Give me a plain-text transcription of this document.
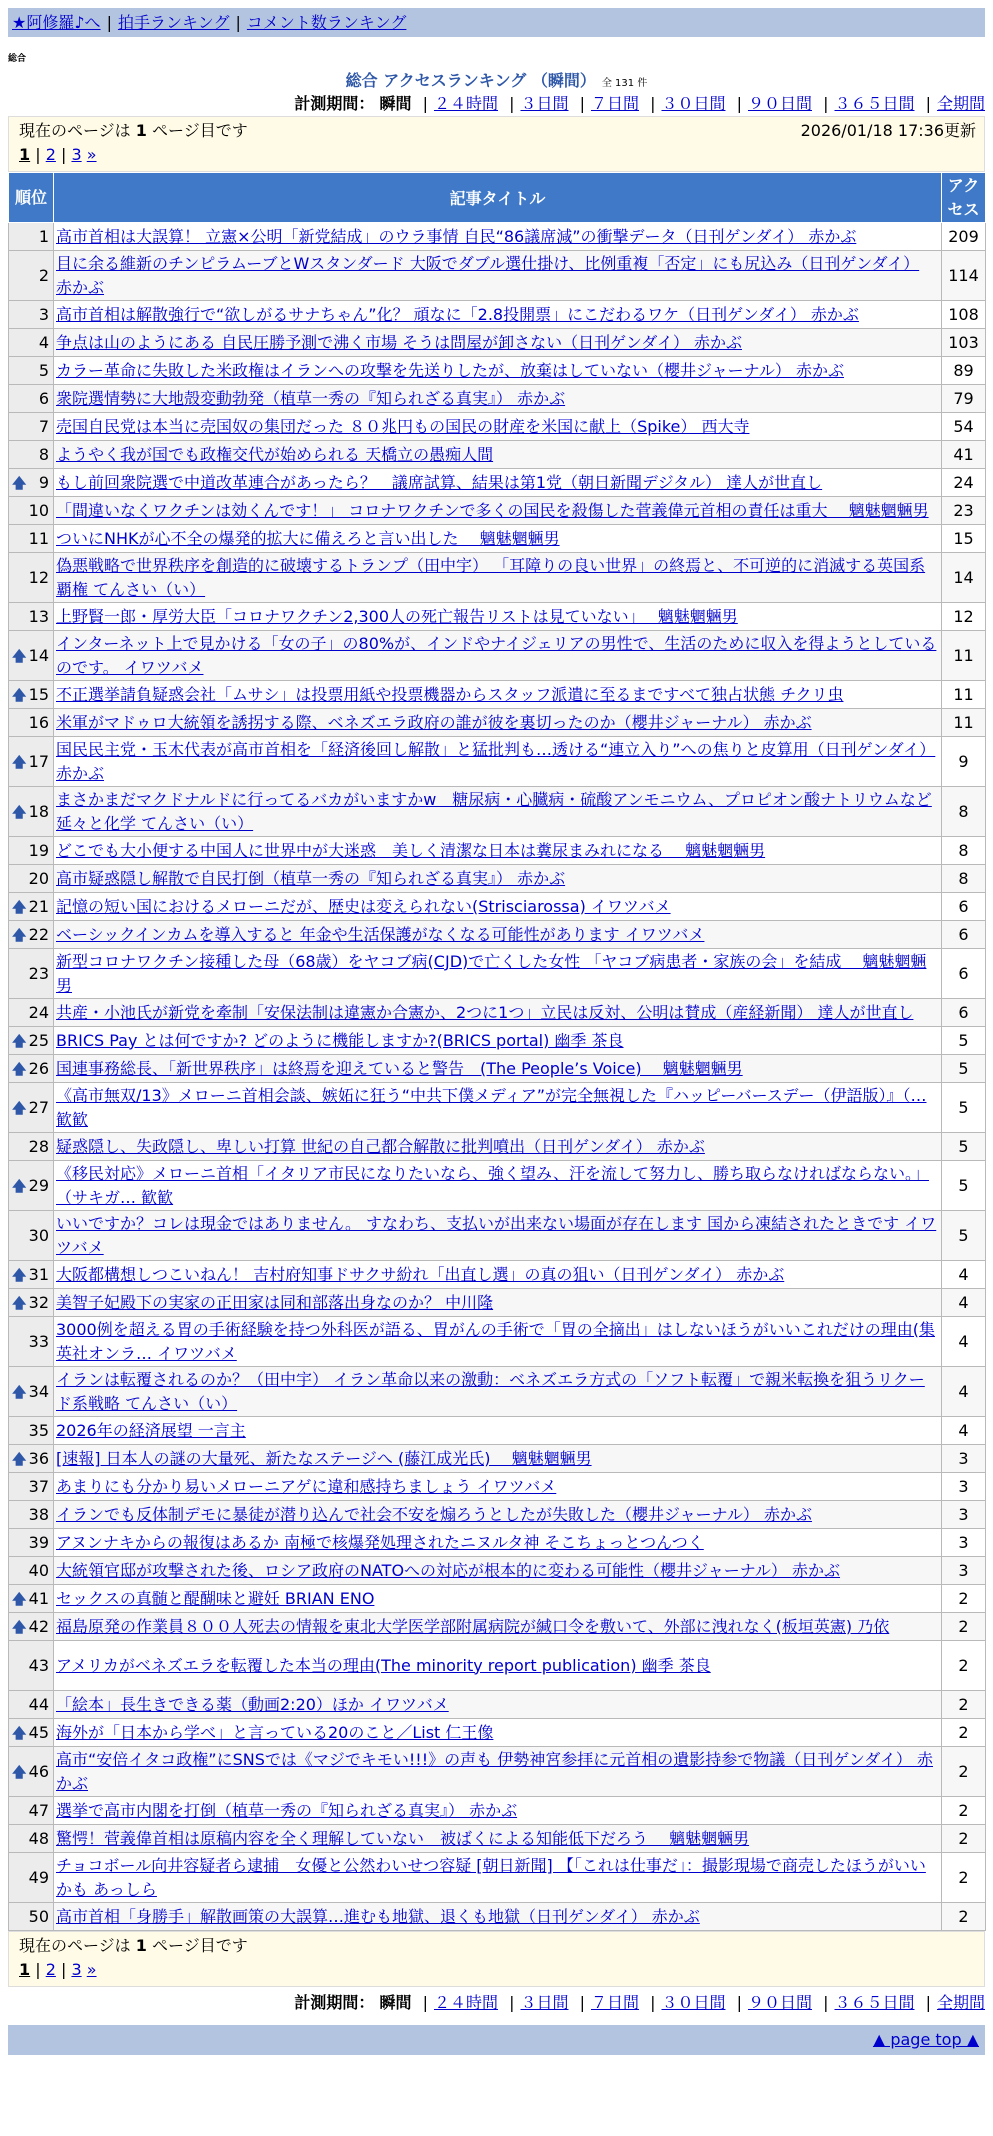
★阿修羅♪へ | 拍手ランキング | コメント数ランキング
総合
総合 アクセスランキング （瞬間） 全 131 件
計測期間： 瞬間 | ２４時間 | ３日間 | ７日間 | ３０日間 | ９０日間 | ３６５日間 | 全期間
現在のページは 1 ページ目です	2026/01/18 17:36更新
1 | 2 | 3 »
順位	記事タイトル	アクセス
1	高市首相は大誤算！ 立憲×公明「新党結成」のウラ事情 自民“86議席減”の衝撃データ（日刊ゲンダイ） 赤かぶ	209
2	目に余る維新のチンピラムーブとWスタンダード 大阪でダブル選仕掛け、比例重複「否定」にも尻込み（日刊ゲンダイ） 赤かぶ	114
3	高市首相は解散強行で“欲しがるサナちゃん”化？ 頑なに「2.8投開票」にこだわるワケ（日刊ゲンダイ） 赤かぶ	108
4	争点は山のようにある 自民圧勝予測で沸く市場 そうは問屋が卸さない（日刊ゲンダイ） 赤かぶ	103
5	カラー革命に失敗した米政権はイランへの攻撃を先送りしたが、放棄はしていない（櫻井ジャーナル） 赤かぶ	89
6	衆院選情勢に大地殻変動勃発（植草一秀の『知られざる真実』） 赤かぶ	79
7	売国自民党は本当に売国奴の集団だった ８０兆円もの国民の財産を米国に献上（Spike） 西大寺	54
8	ようやく我が国でも政権交代が始められる 天橋立の愚痴人間	41

🡅 9	もし前回衆院選で中道改革連合があったら？　議席試算、結果は第1党（朝日新聞デジタル） 達人が世直し	24
10	「間違いなくワクチンは効くんです！」 コロナワクチンで多くの国民を殺傷した菅義偉元首相の責任は重大　 魑魅魍魎男	23
11	ついにNHKが心不全の爆発的拡大に備えろと言い出した　 魑魅魍魎男	15
12	偽悪戦略で世界秩序を創造的に破壊するトランプ（田中宇） 「耳障りの良い世界」の終焉と、不可逆的に消滅する英国系覇権 てんさい（い）	14
13	上野賢一郎・厚労大臣「コロナワクチン2,300人の死亡報告リストは見ていない」　 魑魅魍魎男	12

🡅 14	インターネット上で見かける「女の子」の80%が、インドやナイジェリアの男性で、生活のために収入を得ようとしているのです。 イワツバメ	11

🡅 15	不正選挙請負疑惑会社「ムサシ」は投票用紙や投票機器からスタッフ派遣に至るまですべて独占状態 チクリ虫	11
16	米軍がマドゥロ大統領を誘拐する際、ベネズエラ政府の誰が彼を裏切ったのか（櫻井ジャーナル） 赤かぶ	11

🡅 17	国民民主党・玉木代表が高市首相を「経済後回し解散」と猛批判も…透ける“連立入り”への焦りと皮算用（日刊ゲンダイ） 赤かぶ	9

🡅 18	まさかまだマクドナルドに行ってるバカがいますかw　糖尿病・心臓病・硫酸アンモニウム、プロピオン酸ナトリウムなど延々と化学 てんさい（い）	8
19	どこでも大小便する中国人に世界中が大迷惑　美しく清潔な日本は糞尿まみれになる　 魑魅魍魎男	8
20	高市疑惑隠し解散で自民打倒（植草一秀の『知られざる真実』） 赤かぶ	8

🡅 21	記憶の短い国におけるメローニだが、歴史は変えられない(Strisciarossa) イワツバメ	6

🡅 22	ベーシックインカムを導入すると 年金や生活保護がなくなる可能性があります イワツバメ	6
23	新型コロナワクチン接種した母（68歳）をヤコブ病(CJD)で亡くした女性 「ヤコブ病患者・家族の会」を結成　 魑魅魍魎男	6
24	共産・小池氏が新党を牽制「安保法制は違憲か合憲か、2つに1つ」立民は反対、公明は賛成（産経新聞） 達人が世直し	6

🡅 25	BRICS Pay とは何ですか? どのように機能しますか?(BRICS portal) 幽季 茶良	5

🡅 26	国連事務総長、「新世界秩序」は終焉を迎えていると警告　(The People’s Voice)　 魑魅魍魎男	5

🡅 27	《高市無双/13》メローニ首相会談、嫉妬に狂う“中共下僕メディア”が完全無視した『ハッピーバースデー（伊語版）』（… 歓歓	5
28	疑惑隠し、失政隠し、卑しい打算 世紀の自己都合解散に批判噴出（日刊ゲンダイ） 赤かぶ	5

🡅 29	《移民対応》メローニ首相「イタリア市民になりたいなら、強く望み、汗を流して努力し、勝ち取らなければならない。」（サキガ… 歓歓	5
30	いいですか？コレは現金ではありません。 すなわち、支払いが出来ない場面が存在します 国から凍結されたときです イワツバメ	5

🡅 31	大阪都構想しつこいねん！ 吉村府知事ドサクサ紛れ「出直し選」の真の狙い（日刊ゲンダイ） 赤かぶ	4

🡅 32	美智子妃殿下の実家の正田家は同和部落出身なのか？ 中川隆	4
33	3000例を超える胃の手術経験を持つ外科医が語る、胃がんの手術で「胃の全摘出」はしないほうがいいこれだけの理由(集英社オンラ… イワツバメ	4

🡅 34	イランは転覆されるのか？（田中宇） イラン革命以来の激動：ベネズエラ方式の「ソフト転覆」で親米転換を狙うリクード系戦略 てんさい（い）	4
35	2026年の経済展望 一言主	4

🡅 36	[速報] 日本人の謎の大量死、新たなステージへ (藤江成光氏)　 魑魅魍魎男	3
37	あまりにも分かり易いメローニアゲに違和感持ちましょう イワツバメ	3
38	イランでも反体制デモに暴徒が潜り込んで社会不安を煽ろうとしたが失敗した（櫻井ジャーナル） 赤かぶ	3
39	アヌンナキからの報復はあるか 南極で核爆発処理されたニヌルタ神 そこちょっとつんつく	3
40	大統領官邸が攻撃された後、ロシア政府のNATOへの対応が根本的に変わる可能性（櫻井ジャーナル） 赤かぶ	3

🡅 41	セックスの真髄と醍醐味と避妊 BRIAN ENO	2

🡅 42	福島原発の作業員８００人死去の情報を東北大学医学部附属病院が緘口令を敷いて、外部に洩れなく(板垣英憲) 乃依	2
43	アメリカがベネズエラを転覆した本当の理由(The minority report publication) 幽季 茶良	2
44	「絵本」長生きできる薬（動画2:20）ほか イワツバメ	2

🡅 45	海外が「日本から学べ」と言っている20のこと／List 仁王像	2

🡅 46	高市“安倍イタコ政権”にSNSでは《マジでキモい!!!》の声も 伊勢神宮参拝に元首相の遺影持参で物議（日刊ゲンダイ） 赤かぶ	2
47	選挙で高市内閣を打倒（植草一秀の『知られざる真実』） 赤かぶ	2
48	驚愕！菅義偉首相は原稿内容を全く理解していない　被ばくによる知能低下だろう　 魑魅魍魎男	2
49	チョコボール向井容疑者ら逮捕　女優と公然わいせつ容疑 [朝日新聞] 【「これは仕事だ」：撮影現場で商売したほうがいいかも あっしら	2
50	高市首相「身勝手」解散画策の大誤算…進むも地獄、退くも地獄（日刊ゲンダイ） 赤かぶ	2
現在のページは 1 ページ目です
1 | 2 | 3 »
計測期間： 瞬間 | ２４時間 | ３日間 | ７日間 | ３０日間 | ９０日間 | ３６５日間 | 全期間
▲ page top ▲
